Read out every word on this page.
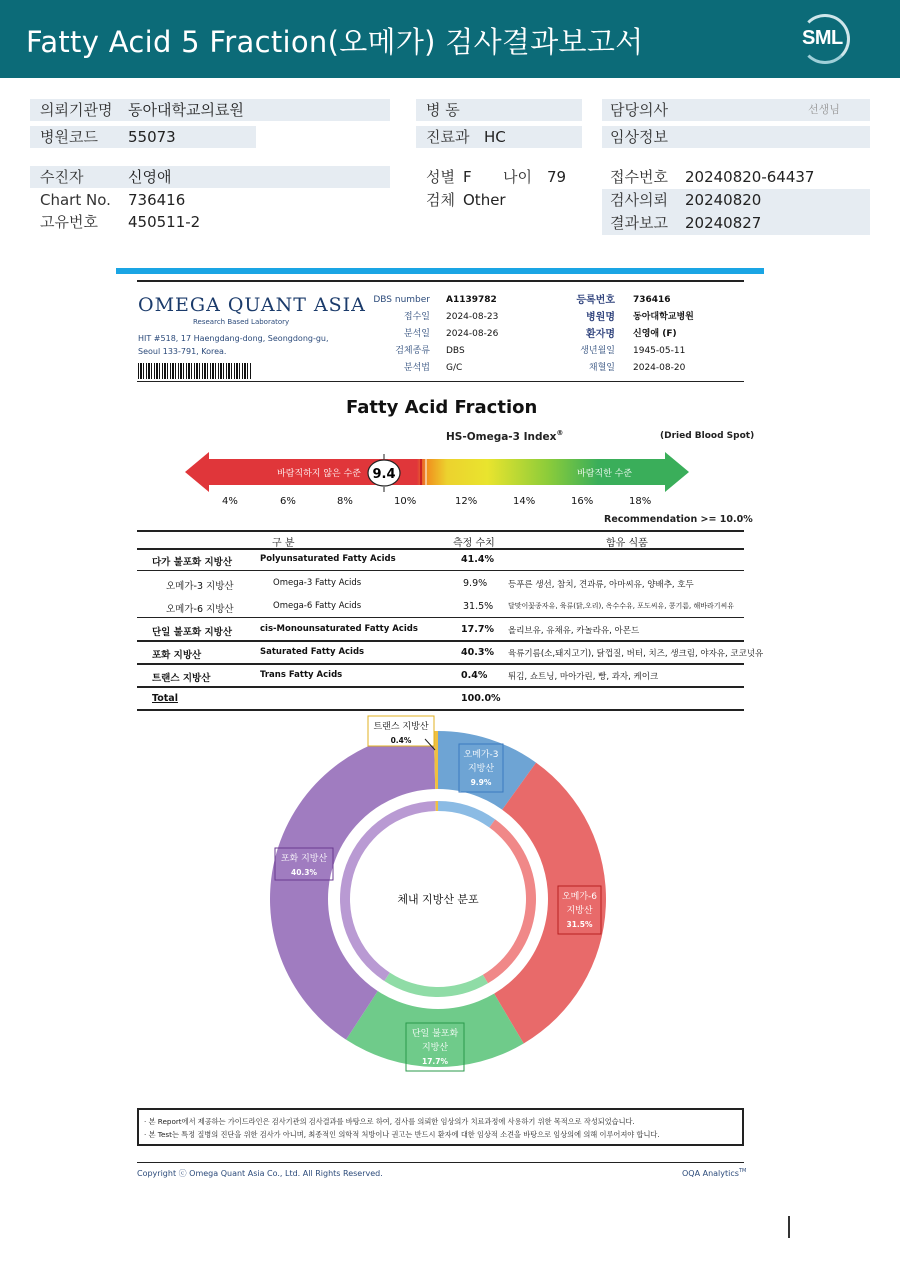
Fatty Acid 5 Fraction(오메가) 검사결과보고서	SML
의뢰기관명 동아대학교의료원
병원코드 55073
수진자	신영애
Chart No. 736416
고유번호 450511-2
병 동
진료과 HC
성별 F 나이 79
검체 Other
담당의사	선생님
임상정보
접수번호 20240820-64437
검사의뢰 20240820
결과보고 20240827
OMEGA QUANT ASIA
Research Based Laboratory
HIT #518, 17 Haengdang-dong, Seongdong-gu,
Seoul 133-791, Korea.
DBS number A1139782
접수일 2024-08-23
분석일 2024-08-26
검체종류 DBS
분석법 G/C
등록번호 736416
병원명 동아대학교병원
환자명 신영애 (F)
생년월일 1945-05-11
채혈일 2024-08-20
Fatty Acid Fraction
HS-Omega-3 Index®	(Dried Blood Spot)
바람직하지 않은 수준	바람직한 수준
9.4
4%	6%	8%	10%	12%	14%	16%	18%
Recommendation >= 10.0%
구 분	측정 수치	함유 식품
다가 불포화 지방산	Polyunsaturated Fatty Acids	41.4%
오메가-3 지방산	Omega-3 Fatty Acids	9.9% 등푸른 생선, 참치, 견과류, 아마씨유, 양배추, 호두
오메가-6 지방산	Omega-6 Fatty Acids	31.5% 달맞이꽃종자유, 육류(닭,오리), 옥수수유, 포도씨유, 콩기름, 해바라기씨유
단일 불포화 지방산	cis-Monounsaturated Fatty Acids	17.7% 올리브유, 유채유, 카놀라유, 아몬드
포화 지방산	Saturated Fatty Acids	40.3% 육류기름(소,돼지고기), 닭껍질, 버터, 치즈, 생크림, 야자유, 코코넛유
트랜스 지방산	Trans Fatty Acids	0.4% 튀김, 쇼트닝, 마아가린, 빵, 과자, 케이크
Total	100.0%
체내 지방산 분포
오메가-3
지방산
9.9%
오메가-6
지방산
31.5%
단일 불포화
지방산
17.7%
포화 지방산
40.3%
트랜스 지방산
0.4%
· 본 Report에서 제공하는 가이드라인은 검사기관의 검사결과를 바탕으로 하여, 검사를 의뢰한 임상의가 치료과정에 사용하기 위한 목적으로 작성되었습니다.
· 본 Test는 특정 질병의 진단을 위한 검사가 아니며, 최종적인 의학적 처방이나 권고는 반드시 환자에 대한 임상적 소견을 바탕으로 임상의에 의해 이루어져야 합니다.
Copyright ⓒ Omega Quant Asia Co., Ltd. All Rights Reserved.	OQA Analytics™
